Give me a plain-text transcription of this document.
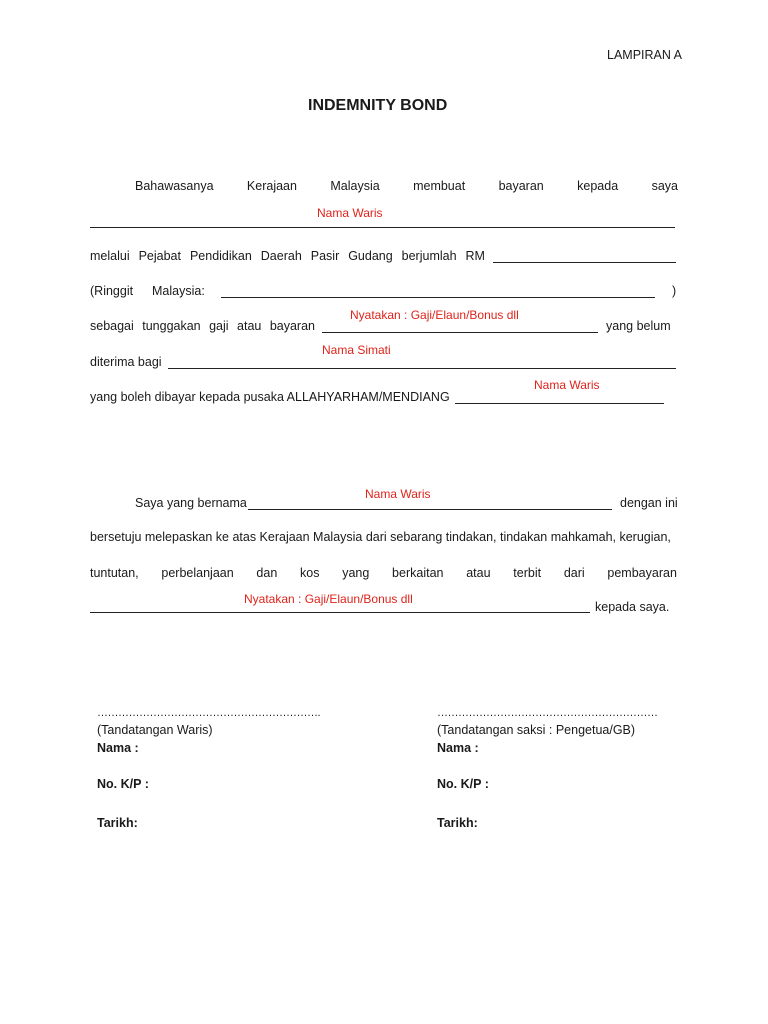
LAMPIRAN A
INDEMNITY BOND
Bahawasanya	Kerajaan	Malaysia	membuat	bayaran	kepada	saya
Nama Waris
melalui Pejabat Pendidikan Daerah Pasir Gudang berjumlah RM
(Ringgit Malaysia:	)
Nyatakan : Gaji/Elaun/Bonus dll
sebagai tunggakan gaji atau bayaran	yang belum
Nama Simati
diterima bagi
Nama Waris
yang boleh dibayar kepada pusaka ALLAHYARHAM/MENDIANG
Nama Waris
Saya yang bernama	dengan ini
bersetuju melepaskan ke atas Kerajaan Malaysia dari sebarang tindakan, tindakan mahkamah, kerugian,
tuntutan, perbelanjaan dan kos yang berkaitan atau terbit dari pembayaran
Nyatakan : Gaji/Elaun/Bonus dll
kepada saya.
……………………………………………………….
(Tandatangan Waris)
Nama :
No. K/P :
Tarikh:
………………………………………………………
(Tandatangan saksi : Pengetua/GB)
Nama :
No. K/P :
Tarikh:
